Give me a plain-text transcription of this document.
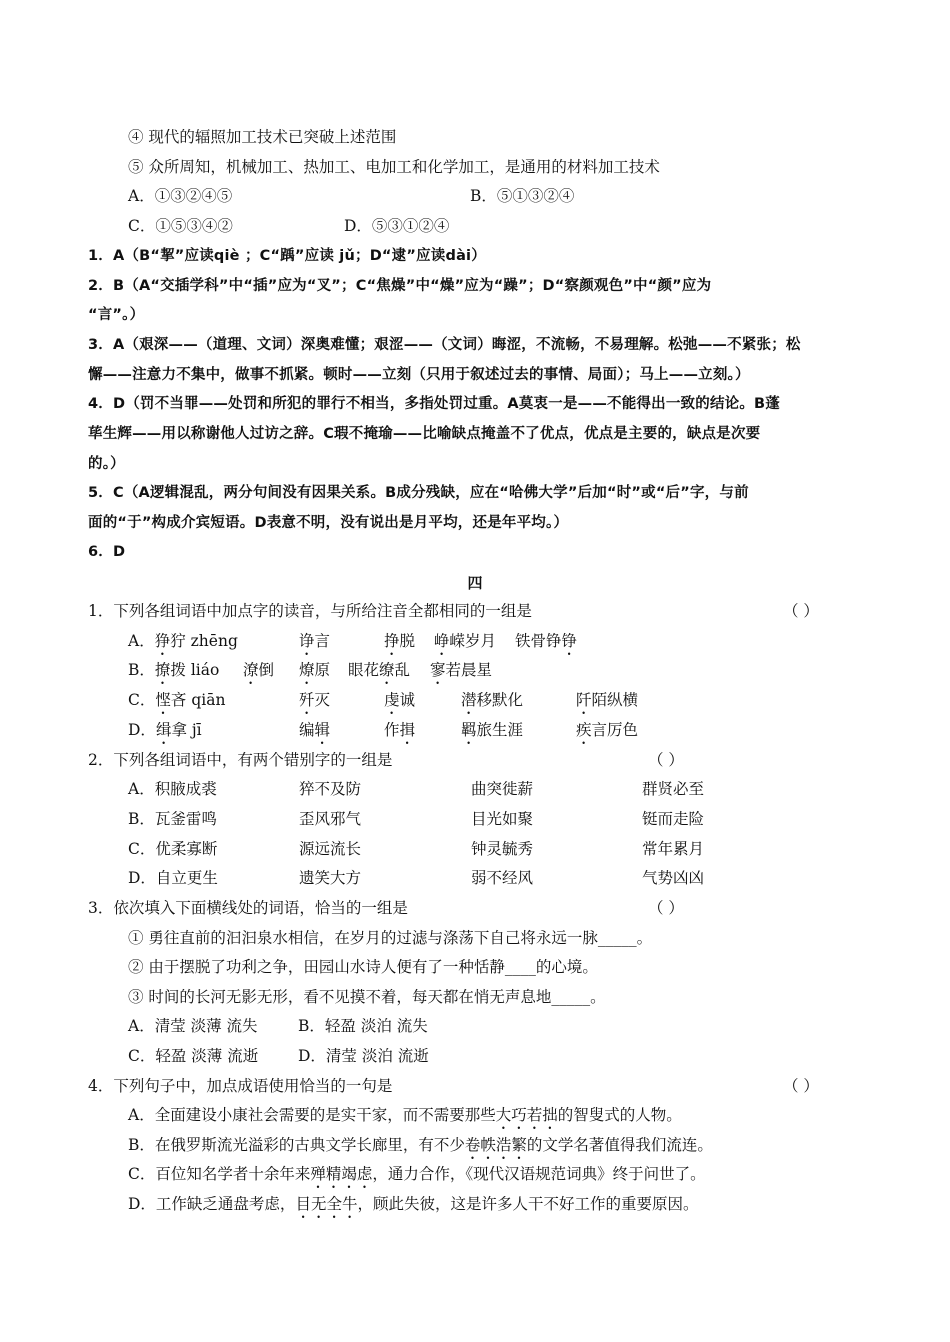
④ 现代的辐照加工技术已突破上述范围
⑤ 众所周知，机械加工、热加工、电加工和化学加工，是通用的材料加工技术
A．①③②④⑤	B．⑤①③②④
C．①⑤③④②	D．⑤③①②④
1．A（B“挈”应读qiè ；C“踽”应读 jǔ；D“逮”应读dài）
2．B（A“交插学科”中“插”应为“叉”；C“焦燥”中“燥”应为“躁”；D“察颜观色”中“颜”应为
“言”。）
3．A（艰深——（道理、文词）深奥难懂；艰涩——（文词）晦涩，不流畅，不易理解。松弛——不紧张；松
懈——注意力不集中，做事不抓紧。顿时——立刻（只用于叙述过去的事情、局面）；马上——立刻。）
4．D（罚不当罪——处罚和所犯的罪行不相当，多指处罚过重。A莫衷一是——不能得出一致的结论。B蓬
荜生辉——用以称谢他人过访之辞。C瑕不掩瑜——比喻缺点掩盖不了优点，优点是主要的，缺点是次要
的。）
5．C（A逻辑混乱，两分句间没有因果关系。B成分残缺，应在“哈佛大学”后加“时”或“后”字，与前
面的“于”构成介宾短语。D表意不明，没有说出是月平均，还是年平均。）
6．D
四
1．下列各组词语中加点字的读音，与所给注音全都相同的一组是	（ ）
A．狰狞 zhēng	诤言	挣脱 峥嵘岁月 铁骨铮铮
B．撩拨 liáo 潦倒 燎原 眼花缭乱 寥若晨星
C．悭吝 qiān	歼灭	虔诚	潜移默化	阡陌纵横
D．缉拿 jī	编辑	作揖	羁旅生涯	疾言厉色
2．下列各组词语中，有两个错别字的一组是	（ ）
A．积腋成裘	猝不及防	曲突徙薪	群贤必至
B．瓦釜雷鸣	歪风邪气	目光如聚	铤而走险
C．优柔寡断	源远流长	钟灵毓秀	常年累月
D．自立更生	遗笑大方	弱不经风	气势凶凶
3．依次填入下面横线处的词语，恰当的一组是	（ ）
① 勇往直前的汩汩泉水相信，在岁月的过滤与涤荡下自己将永远一脉_____。
② 由于摆脱了功利之争，田园山水诗人便有了一种恬静____的心境。
③ 时间的长河无影无形，看不见摸不着，每天都在悄无声息地_____。
A．清莹 淡薄 流失	B．轻盈 淡泊 流失
C．轻盈 淡薄 流逝	D．清莹 淡泊 流逝
4．下列句子中，加点成语使用恰当的一句是	（ ）
A．全面建设小康社会需要的是实干家，而不需要那些大巧若拙的智叟式的人物。
B．在俄罗斯流光溢彩的古典文学长廊里，有不少卷帙浩繁的文学名著值得我们流连。
C．百位知名学者十余年来殚精竭虑，通力合作，《现代汉语规范词典》终于问世了。
D．工作缺乏通盘考虑，目无全牛，顾此失彼，这是许多人干不好工作的重要原因。
